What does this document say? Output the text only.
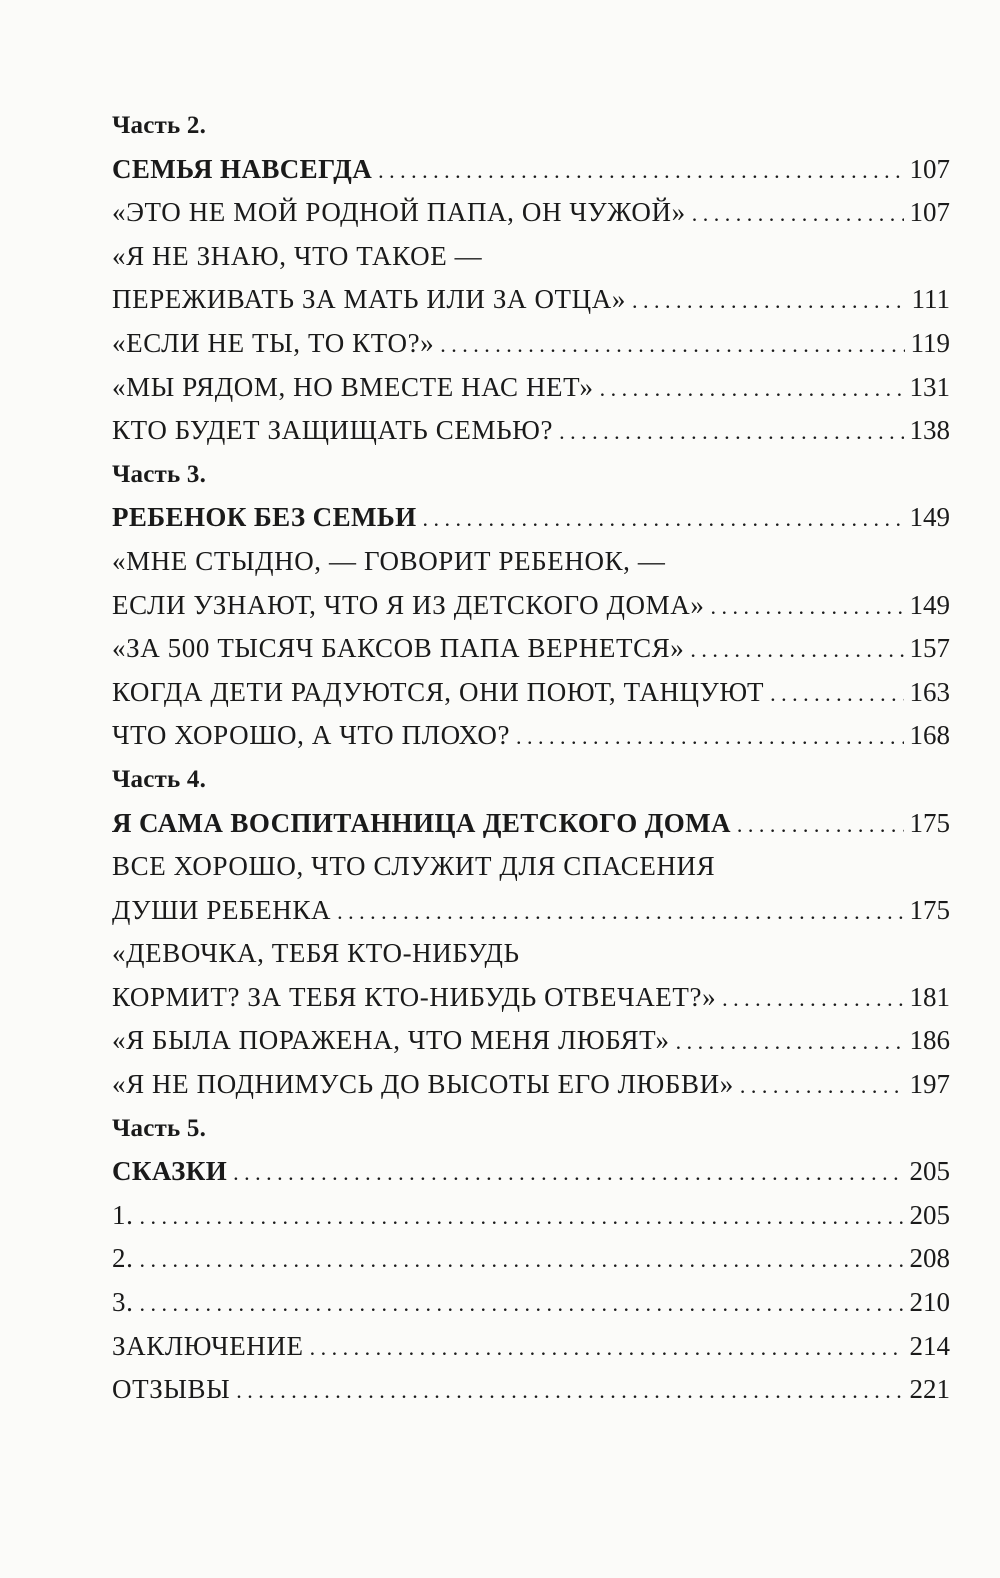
Часть 2.
СЕМЬЯ НАВСЕГДА . . .	107
«ЭТО НЕ МОЙ РОДНОЙ ПАПА, ОН ЧУЖОЙ» . . .	107
«Я НЕ ЗНАЮ, ЧТО ТАКОЕ —
ПЕРЕЖИВАТЬ ЗА МАТЬ ИЛИ ЗА ОТЦА» . . .	111
«ЕСЛИ НЕ ТЫ, ТО КТО?» . . .	119
«МЫ РЯДОМ, НО ВМЕСТЕ НАС НЕТ» . . .	131
КТО БУДЕТ ЗАЩИЩАТЬ СЕМЬЮ? . . .	138
Часть 3.
РЕБЕНОК БЕЗ СЕМЬИ . . .	149
«МНЕ СТЫДНО, — ГОВОРИТ РЕБЕНОК, —
ЕСЛИ УЗНАЮТ, ЧТО Я ИЗ ДЕТСКОГО ДОМА» . . .	149
«ЗА 500 ТЫСЯЧ БАКСОВ ПАПА ВЕРНЕТСЯ» . . .	157
КОГДА ДЕТИ РАДУЮТСЯ, ОНИ ПОЮТ, ТАНЦУЮТ . . .	163
ЧТО ХОРОШО, А ЧТО ПЛОХО? . . .	168
Часть 4.
Я САМА ВОСПИТАННИЦА ДЕТСКОГО ДОМА . . .	175
ВСЕ ХОРОШО, ЧТО СЛУЖИТ ДЛЯ СПАСЕНИЯ
ДУШИ РЕБЕНКА . . .	175
«ДЕВОЧКА, ТЕБЯ КТО-НИБУДЬ
КОРМИТ? ЗА ТЕБЯ КТО-НИБУДЬ ОТВЕЧАЕТ?» . . .	181
«Я БЫЛА ПОРАЖЕНА, ЧТО МЕНЯ ЛЮБЯТ» . . .	186
«Я НЕ ПОДНИМУСЬ ДО ВЫСОТЫ ЕГО ЛЮБВИ» . . .	197
Часть 5.
СКАЗКИ . . .	205
1. . . .	205
2. . . .	208
3. . . .	210
ЗАКЛЮЧЕНИЕ . . .	214
ОТЗЫВЫ . . .	221
